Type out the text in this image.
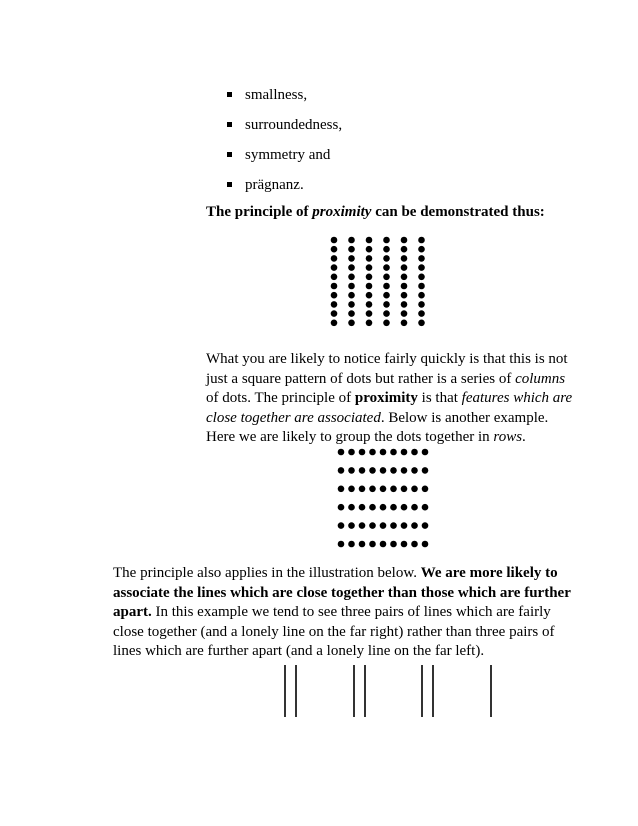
smallness,
surroundedness,
symmetry and
prägnanz.
The principle of proximity can be demonstrated thus:

What you are likely to notice fairly quickly is that this is not
just a square pattern of dots but rather is a series of columns
of dots. The principle of proximity is that features which are
close together are associated. Below is another example.
Here we are likely to group the dots together in rows.

The principle also applies in the illustration below. We are more likely to
associate the lines which are close together than those which are further
apart. In this example we tend to see three pairs of lines which are fairly
close together (and a lonely line on the far right) rather than three pairs of
lines which are further apart (and a lonely line on the far left).
